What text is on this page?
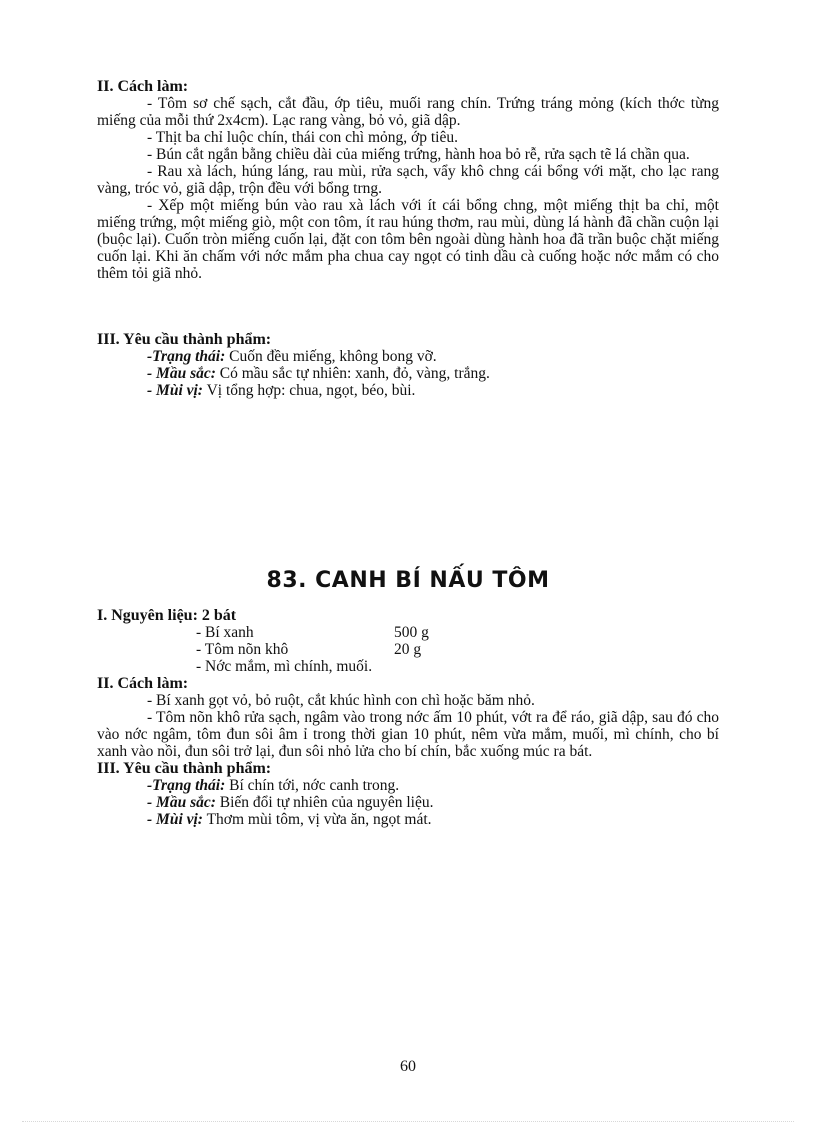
II. Cách làm:
- Tôm sơ chế sạch, cắt đầu, ớp tiêu, muối rang chín. Trứng tráng mỏng (kích thớc từng miếng của mỗi thứ 2x4cm). Lạc rang vàng, bỏ vỏ, giã dập.
- Thịt ba chỉ luộc chín, thái con chì mỏng, ớp tiêu.
- Bún cắt ngắn bằng chiều dài của miếng trứng, hành hoa bỏ rễ, rửa sạch tẽ lá chần qua.
- Rau xà lách, húng láng, rau mùi, rửa sạch, vẩy khô chng cái bổng với mặt, cho lạc rang vàng, tróc vỏ, giã dập, trộn đều với bổng trng.
- Xếp một miếng bún vào rau xà lách với ít cái bổng chng, một miếng thịt ba chỉ, một miếng trứng, một miếng giò, một con tôm, ít rau húng thơm, rau mùi, dùng lá hành đã chần cuộn lại (buộc lại). Cuốn tròn miếng cuốn lại, đặt con tôm bên ngoài dùng hành hoa đã trần buộc chặt miếng cuốn lại. Khi ăn chấm với nớc mắm pha chua cay ngọt có tinh dầu cà cuống hoặc nớc mắm có cho thêm tỏi giã nhỏ.
III. Yêu cầu thành phẩm:
-Trạng thái: Cuốn đều miếng, không bong vỡ.
- Mầu sắc: Có mầu sắc tự nhiên: xanh, đỏ, vàng, trắng.
- Mùi vị: Vị tổng hợp: chua, ngọt, béo, bùi.
83. CANH BÍ NẤU TÔM
I. Nguyên liệu: 2 bát
- Bí xanh	500 g
- Tôm nõn khô	20 g
- Nớc mắm, mì chính, muối.
II. Cách làm:
- Bí xanh gọt vỏ, bỏ ruột, cắt khúc hình con chì hoặc băm nhỏ.
- Tôm nõn khô rửa sạch, ngâm vào trong nớc ấm 10 phút, vớt ra để ráo, giã dập, sau đó cho vào nớc ngâm, tôm đun sôi âm ỉ trong thời gian 10 phút, nêm vừa mắm, muối, mì chính, cho bí xanh vào nồi, đun sôi trở lại, đun sôi nhỏ lửa cho bí chín, bắc xuống múc ra bát.
III. Yêu cầu thành phẩm:
-Trạng thái: Bí chín tới, nớc canh trong.
- Mầu sắc: Biến đổi tự nhiên của nguyên liệu.
- Mùi vị: Thơm mùi tôm, vị vừa ăn, ngọt mát.
60
